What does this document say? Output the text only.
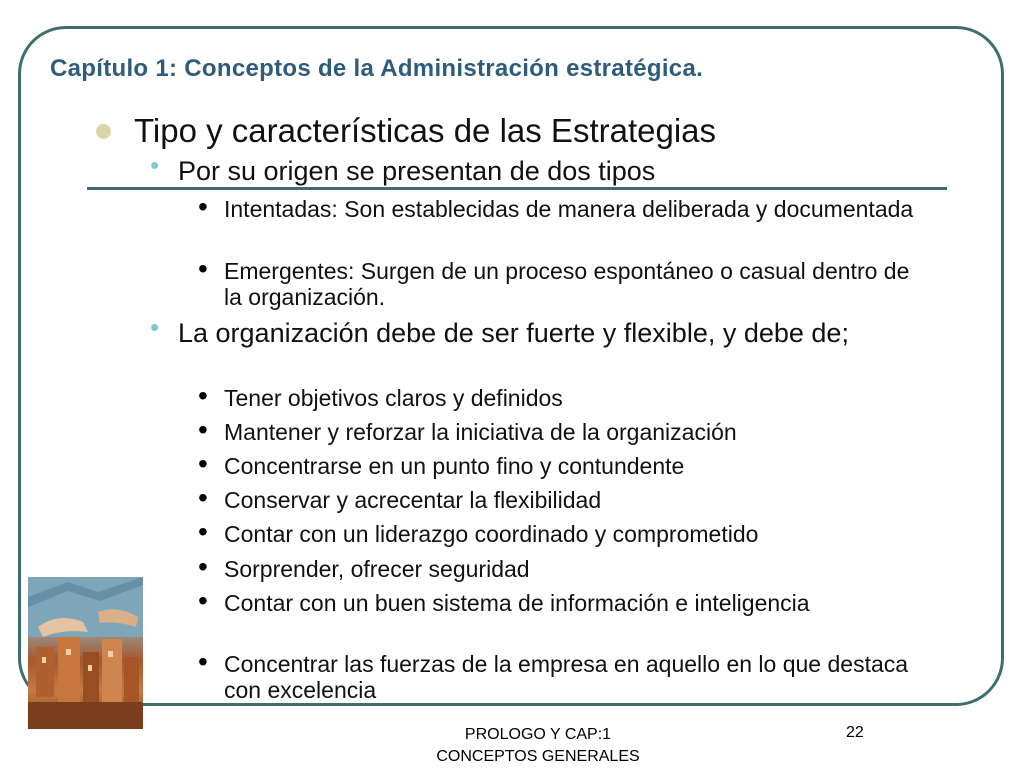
Capítulo 1: Conceptos de la Administración estratégica.
Tipo y características de las Estrategias
• Por su origen se presentan de dos tipos
• Intentadas: Son establecidas de manera deliberada y documentada
• Emergentes: Surgen de un proceso espontáneo o casual dentro de la organización.
• La organización debe de ser fuerte y flexible, y debe de;
• Tener objetivos claros y definidos
• Mantener y reforzar la iniciativa de la organización
• Concentrarse en un punto fino y contundente
• Conservar y acrecentar la flexibilidad
• Contar con un liderazgo coordinado y comprometido
• Sorprender, ofrecer seguridad
• Contar con un buen sistema de información e inteligencia
• Concentrar las fuerzas de la empresa en aquello en lo que destaca con excelencia
PROLOGO Y CAP:1
CONCEPTOS GENERALES
22
